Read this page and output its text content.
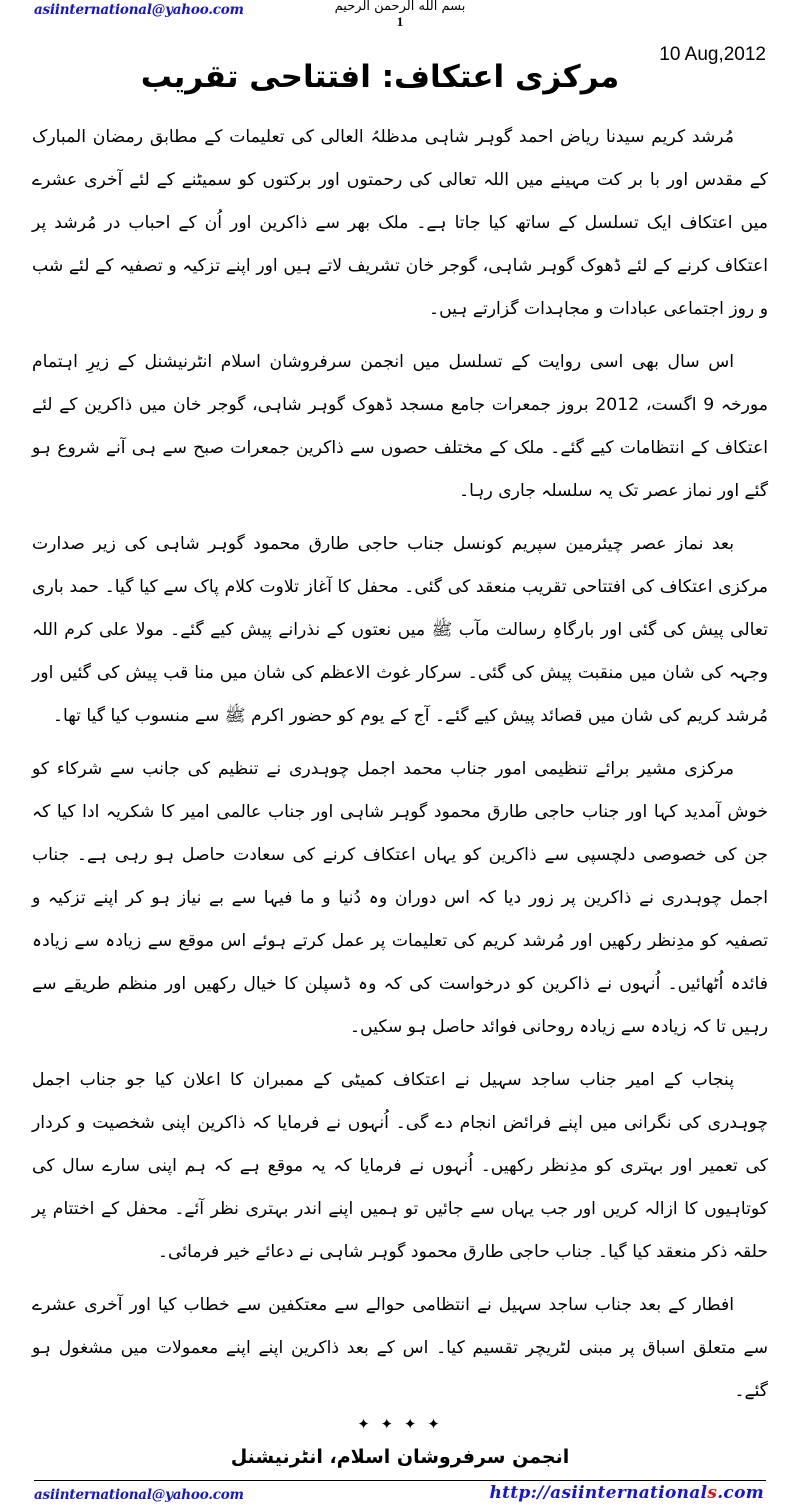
asiinternational@yahoo.com	بسم الله الرحمن الرحيم
1
10 Aug,2012
مرکزی اعتکاف: افتتاحی تقریب

مُرشد کریم سیدنا ریاض احمد گوہر شاہی مدظلہُ العالی کی تعلیمات کے مطابق رمضان المبارک کے مقدس اور با بر کت مہینے میں اللہ تعالی کی رحمتوں اور برکتوں کو سمیٹنے کے لئے آخری عشرے میں اعتکاف ایک تسلسل کے ساتھ کیا جاتا ہے۔ ملک بھر سے ذاکرین اور اُن کے احباب در مُرشد پر اعتکاف کرنے کے لئے ڈھوک گوہر شاہی، گوجر خان تشریف لاتے ہیں اور اپنے تزکیہ و تصفیہ کے لئے شب و روز اجتماعی عبادات و مجاہدات گزارتے ہیں۔

اس سال بھی اسی روایت کے تسلسل میں انجمن سرفروشان اسلام انٹرنیشنل کے زیرِ اہتمام مورخہ 9 اگست، 2012 بروز جمعرات جامع مسجد ڈھوک گوہر شاہی، گوجر خان میں ذاکرین کے لئے اعتکاف کے انتظامات کیے گئے۔ ملک کے مختلف حصوں سے ذاکرین جمعرات صبح سے ہی آنے شروع ہو گئے اور نماز عصر تک یہ سلسلہ جاری رہا۔

بعد نماز عصر چیئرمین سپریم کونسل جناب حاجی طارق محمود گوہر شاہی کی زیر صدارت مرکزی اعتکاف کی افتتاحی تقریب منعقد کی گئی۔ محفل کا آغاز تلاوت کلام پاک سے کیا گیا۔ حمد باری تعالی پیش کی گئی اور بارگاہِ رسالت مآب ﷺ میں نعتوں کے نذرانے پیش کیے گئے۔ مولا علی کرم اللہ وجہہ کی شان میں منقبت پیش کی گئی۔ سرکار غوث الاعظم کی شان میں منا قب پیش کی گئیں اور مُرشد کریم کی شان میں قصائد پیش کیے گئے۔ آج کے یوم کو حضور اکرم ﷺ سے منسوب کیا گیا تھا۔

مرکزی مشیر برائے تنظیمی امور جناب محمد اجمل چوہدری نے تنظیم کی جانب سے شرکاء کو خوش آمدید کہا اور جناب حاجی طارق محمود گوہر شاہی اور جناب عالمی امیر کا شکریہ ادا کیا کہ جن کی خصوصی دلچسپی سے ذاکرین کو یہاں اعتکاف کرنے کی سعادت حاصل ہو رہی ہے۔ جناب اجمل چوہدری نے ذاکرین پر زور دیا کہ اس دوران وہ دُنیا و ما فیہا سے بے نیاز ہو کر اپنے تزکیہ و تصفیہ کو مدِنظر رکھیں اور مُرشد کریم کی تعلیمات پر عمل کرتے ہوئے اس موقع سے زیادہ سے زیادہ فائدہ اُٹھائیں۔ اُنہوں نے ذاکرین کو درخواست کی کہ وہ ڈسپلن کا خیال رکھیں اور منظم طریقے سے رہیں تا کہ زیادہ سے زیادہ روحانی فوائد حاصل ہو سکیں۔

پنجاب کے امیر جناب ساجد سہیل نے اعتکاف کمیٹی کے ممبران کا اعلان کیا جو جناب اجمل چوہدری کی نگرانی میں اپنے فرائض انجام دے گی۔ اُنہوں نے فرمایا کہ ذاکرین اپنی شخصیت و کردار کی تعمیر اور بہتری کو مدِنظر رکھیں۔ اُنہوں نے فرمایا کہ یہ موقع ہے کہ ہم اپنی سارے سال کی کوتاہیوں کا ازالہ کریں اور جب یہاں سے جائیں تو ہمیں اپنے اندر بہتری نظر آئے۔ محفل کے اختتام پر حلقہ ذکر منعقد کیا گیا۔ جناب حاجی طارق محمود گوہر شاہی نے دعائے خیر فرمائی۔

افطار کے بعد جناب ساجد سہیل نے انتظامی حوالے سے معتکفین سے خطاب کیا اور آخری عشرے سے متعلق اسباق پر مبنی لٹریچر تقسیم کیا۔ اس کے بعد ذاکرین اپنے اپنے معمولات میں مشغول ہو گئے۔

✦ ✦ ✦ ✦
انجمن سرفروشان اسلام، انٹرنیشنل
asiinternational@yahoo.com	http://asiinternationals.com
